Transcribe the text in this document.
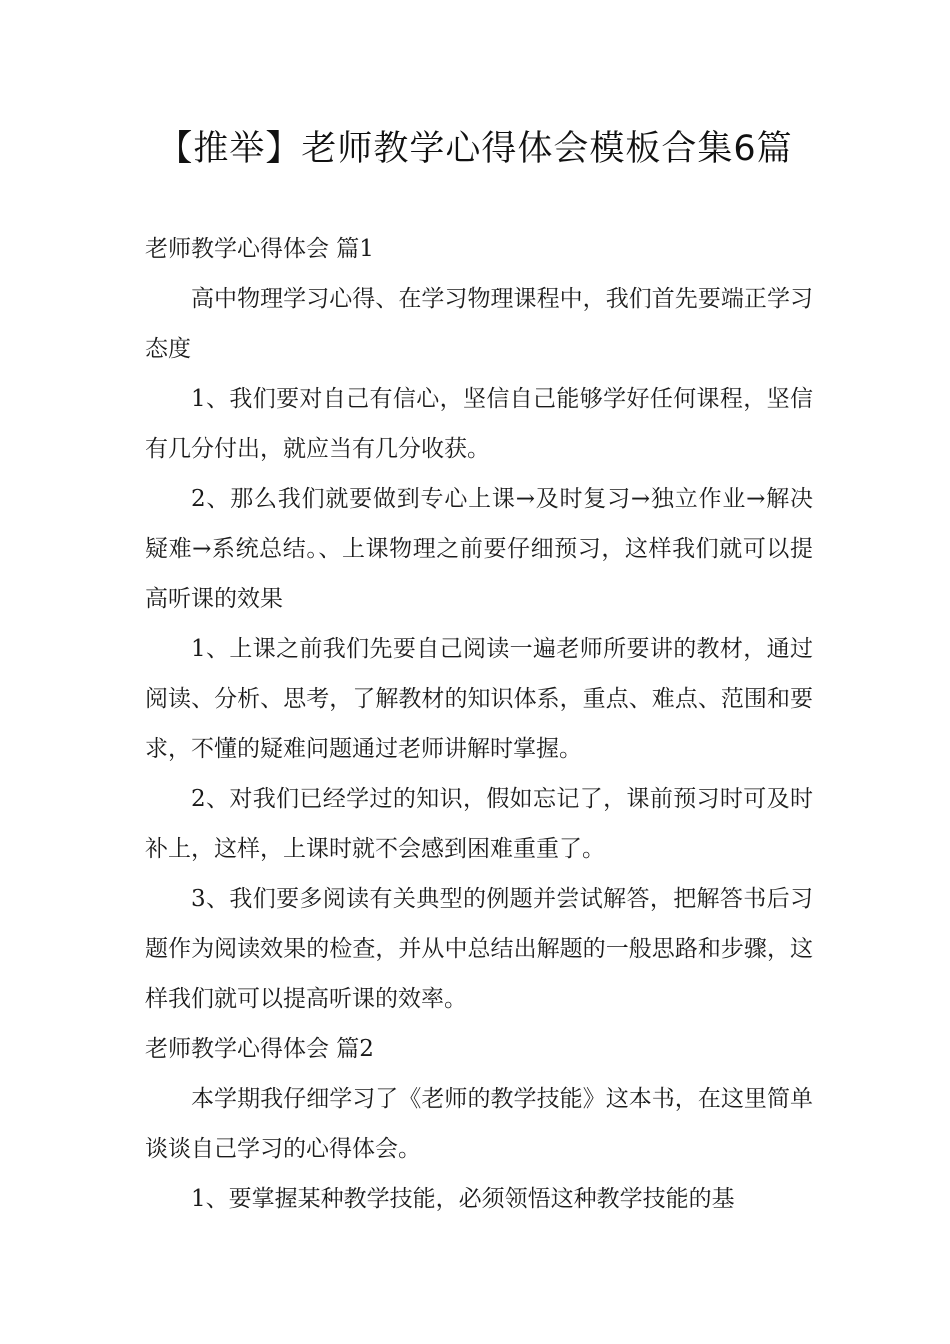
【推举】老师教学心得体会模板合集6篇
老师教学心得体会 篇1

高中物理学习心得、在学习物理课程中，我们首先要端正学习态度

1、我们要对自己有信心，坚信自己能够学好任何课程，坚信有几分付出，就应当有几分收获。

2、那么我们就要做到专心上课→及时复习→独立作业→解决疑难→系统总结。、上课物理之前要仔细预习，这样我们就可以提高听课的效果

1、上课之前我们先要自己阅读一遍老师所要讲的教材，通过阅读、分析、思考，了解教材的知识体系，重点、难点、范围和要求，不懂的疑难问题通过老师讲解时掌握。

2、对我们已经学过的知识，假如忘记了，课前预习时可及时补上，这样，上课时就不会感到困难重重了。

3、我们要多阅读有关典型的例题并尝试解答，把解答书后习题作为阅读效果的检查，并从中总结出解题的一般思路和步骤，这样我们就可以提高听课的效率。

老师教学心得体会 篇2

本学期我仔细学习了《老师的教学技能》这本书，在这里简单谈谈自己学习的心得体会。

1、要掌握某种教学技能，必须领悟这种教学技能的基
